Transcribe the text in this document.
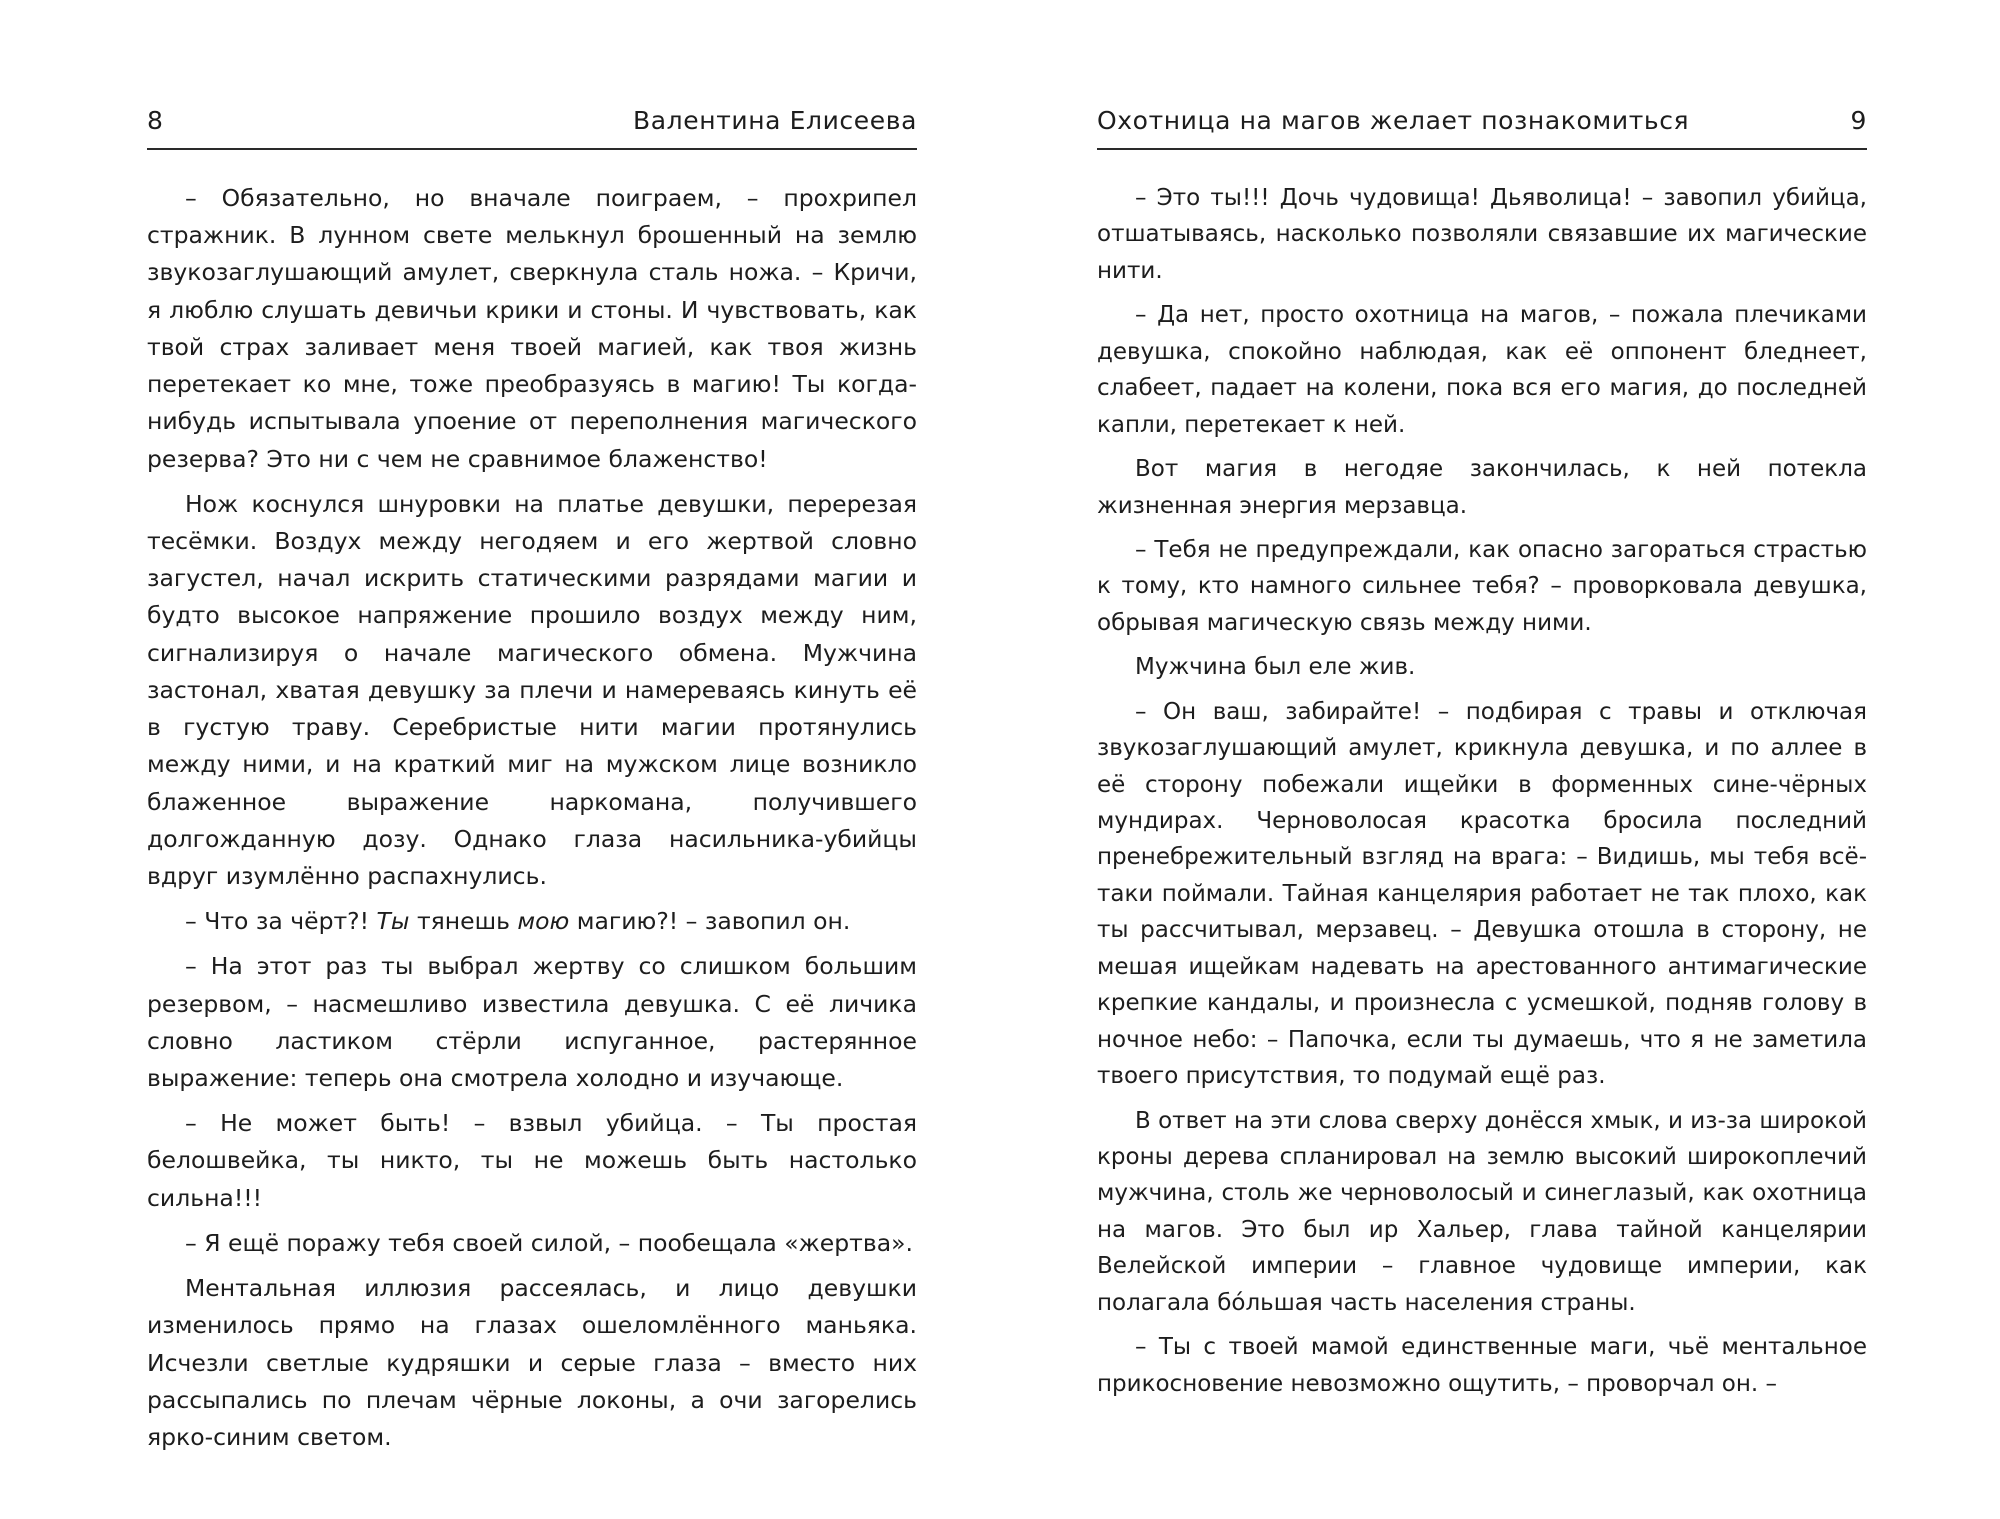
8	Валентина Елисеева

– Обязательно, но вначале поиграем, – прохрипел стражник. В лунном свете мелькнул брошенный на землю звукозаглушающий амулет, сверкнула сталь ножа. – Кричи, я люблю слушать девичьи крики и стоны. И чувствовать, как твой страх заливает меня твоей магией, как твоя жизнь перетекает ко мне, тоже преобразуясь в магию! Ты когда-нибудь испытывала упоение от переполнения магического резерва? Это ни с чем не сравнимое блаженство!

Нож коснулся шнуровки на платье девушки, перерезая тесёмки. Воздух между негодяем и его жертвой словно загустел, начал искрить статическими разрядами магии и будто высокое напряжение прошило воздух между ним, сигнализируя о начале магического обмена. Мужчина застонал, хватая девушку за плечи и намереваясь кинуть её в густую траву. Серебристые нити магии протянулись между ними, и на краткий миг на мужском лице возникло блаженное выражение наркомана, получившего долгожданную дозу. Однако глаза насильника-убийцы вдруг изумлённо распахнулись.

– Что за чёрт?! Ты тянешь мою магию?! – завопил он.

– На этот раз ты выбрал жертву со слишком большим резервом, – насмешливо известила девушка. С её личика словно ластиком стёрли испуганное, растерянное выражение: теперь она смотрела холодно и изучающе.

– Не может быть! – взвыл убийца. – Ты простая белошвейка, ты никто, ты не можешь быть настолько сильна!!!

– Я ещё поражу тебя своей силой, – пообещала «жертва».

Ментальная иллюзия рассеялась, и лицо девушки изменилось прямо на глазах ошеломлённого маньяка. Исчезли светлые кудряшки и серые глаза – вместо них рассыпались по плечам чёрные локоны, а очи загорелись ярко-синим светом.

Охотница на магов желает познакомиться	9

– Это ты!!! Дочь чудовища! Дьяволица! – завопил убийца, отшатываясь, насколько позволяли связавшие их магические нити.

– Да нет, просто охотница на магов, – пожала плечиками девушка, спокойно наблюдая, как её оппонент бледнеет, слабеет, падает на колени, пока вся его магия, до последней капли, перетекает к ней.

Вот магия в негодяе закончилась, к ней потекла жизненная энергия мерзавца.

– Тебя не предупреждали, как опасно загораться страстью к тому, кто намного сильнее тебя? – проворковала девушка, обрывая магическую связь между ними.

Мужчина был еле жив.

– Он ваш, забирайте! – подбирая с травы и отключая звукозаглушающий амулет, крикнула девушка, и по аллее в её сторону побежали ищейки в форменных сине-чёрных мундирах. Черноволосая красотка бросила последний пренебрежительный взгляд на врага: – Видишь, мы тебя всё-таки поймали. Тайная канцелярия работает не так плохо, как ты рассчитывал, мерзавец. – Девушка отошла в сторону, не мешая ищейкам надевать на арестованного антимагические крепкие кандалы, и произнесла с усмешкой, подняв голову в ночное небо: – Папочка, если ты думаешь, что я не заметила твоего присутствия, то подумай ещё раз.

В ответ на эти слова сверху донёсся хмык, и из-за широкой кроны дерева спланировал на землю высокий широкоплечий мужчина, столь же черноволосый и синеглазый, как охотница на магов. Это был ир Хальер, глава тайной канцелярии Велейской империи – главное чудовище империи, как полагала бо́льшая часть населения страны.

– Ты с твоей мамой единственные маги, чьё ментальное прикосновение невозможно ощутить, – проворчал он. –
